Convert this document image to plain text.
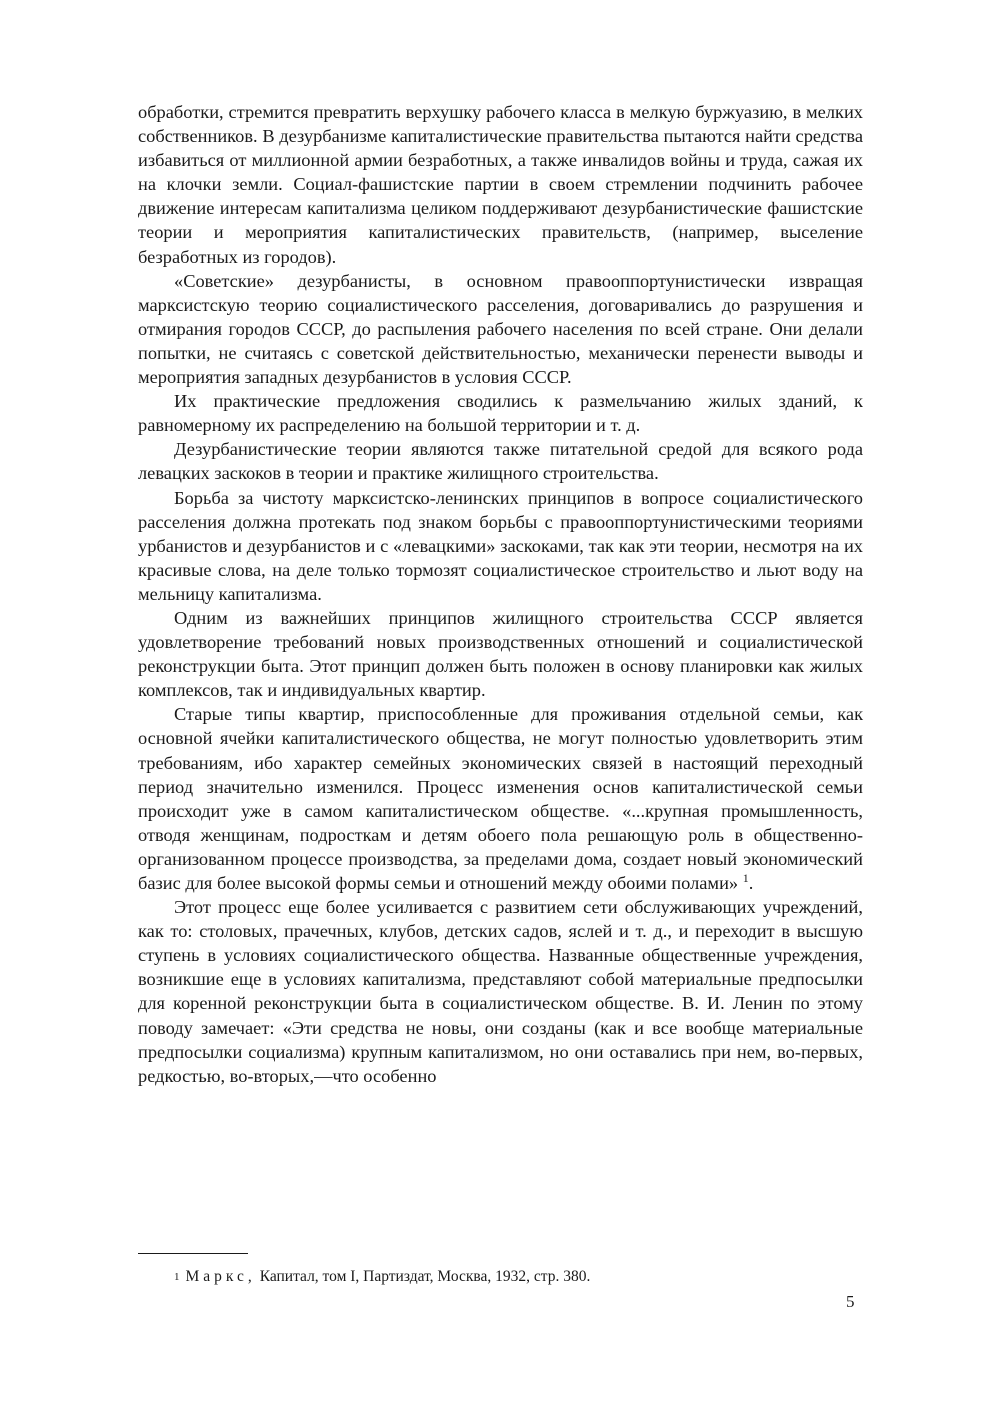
обработки, стремится превратить верхушку рабочего класса в мелкую буржуазию, в мелких собственников. В дезурбанизме капиталистические правительства пытаются найти средства избавиться от миллионной армии безработных, а также инвалидов войны и труда, сажая их на клочки земли. Социал-фашистские партии в своем стремлении подчинить рабочее движение интересам капитализма целиком поддерживают дезурбанистические фашистские теории и мероприятия капиталистических правительств, (например, выселение безработных из городов).

«Советские» дезурбанисты, в основном правооппортунистически извращая марксистскую теорию социалистического расселения, договаривались до разрушения и отмирания городов СССР, до распыления рабочего населения по всей стране. Они делали попытки, не считаясь с советской действительностью, механически перенести выводы и мероприятия западных дезурбанистов в условия СССР.

Их практические предложения сводились к размельчанию жилых зданий, к равномерному их распределению на большой территории и т. д.

Дезурбанистические теории являются также питательной средой для всякого рода левацких заскоков в теории и практике жилищного строительства.

Борьба за чистоту марксистско-ленинских принципов в вопросе социалистического расселения должна протекать под знаком борьбы с правооппортунистическими теориями урбанистов и дезурбанистов и с «левацкими» заскоками, так как эти теории, несмотря на их красивые слова, на деле только тормозят социалистическое строительство и льют воду на мельницу капитализма.

Одним из важнейших принципов жилищного строительства СССР является удовлетворение требований новых производственных отношений и социалистической реконструкции быта. Этот принцип должен быть положен в основу планировки как жилых комплексов, так и индивидуальных квартир.

Старые типы квартир, приспособленные для проживания отдельной семьи, как основной ячейки капиталистического общества, не могут полностью удовлетворить этим требованиям, ибо характер семейных экономических связей в настоящий переходный период значительно изменился. Процесс изменения основ капиталистической семьи происходит уже в самом капиталистическом обществе. «...крупная промышленность, отводя женщинам, подросткам и детям обоего пола решающую роль в общественно-организованном процессе производства, за пределами дома, создает новый экономический базис для более высокой формы семьи и отношений между обоими полами» $^1$.

Этот процесс еще более усиливается с развитием сети обслуживающих учреждений, как то: столовых, прачечных, клубов, детских садов, яслей и т. д., и переходит в высшую ступень в условиях социалистического общества. Названные общественные учреждения, возникшие еще в условиях капитализма, представляют собой материальные предпосылки для коренной реконструкции быта в социалистическом обществе. В. И. Ленин по этому поводу замечает: «Эти средства не новы, они созданы (как и все вообще материальные предпосылки социализма) крупным капитализмом, но они оставались при нем, во-первых, редкостью, во-вторых,—что особенно

$^1$ Маркс, Капитал, том I, Партиздат, Москва, 1932, стр. 380.
5
